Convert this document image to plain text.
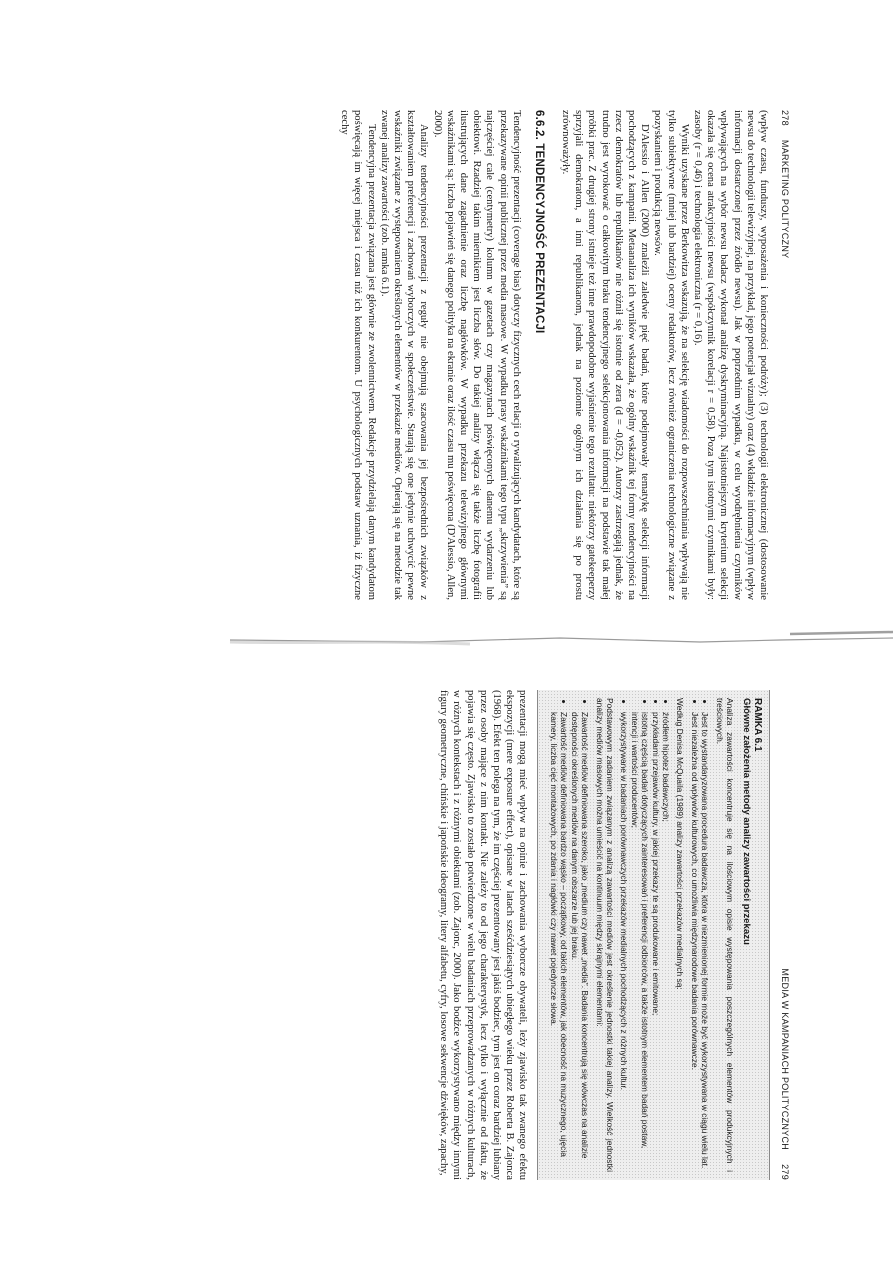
278
MARKETING POLITYCZNY

(wpływ czasu, funduszy, wyposażenia i konieczności podróży); (3) technologii elektronicznej (dostosowanie newsu do technologii telewizyjnej, na przykład, jego potencjał wizualny) oraz (4) wkładzie informacyjnym (wpływ informacji dostarczonej przez źródło newsu). Jak w poprzednim wypadku, w celu wyodrębnienia czynników wpływających na wybór newsu badacz wykonał analizę dyskryminacyjną. Najistotniejszym kryterium selekcji okazała się ocena atrakcyjności newsu (współczynnik korelacji r = 0,58). Poza tym istotnymi czynnikami były: zasoby (r = 0,46) i technologia elektroniczna (r = 0,16).

Wyniki uzyskane przez Berkowitza wskazują, że na selekcję wiadomości do rozpowszechniania wpływają nie tylko subiektywne (mniej lub bardziej) oceny redaktorów, lecz również ograniczenia technologiczne związane z pozyskaniem i produkcją newsów.

D'Alessio i Allen (2000) znaleźli zaledwie pięć badań, które podejmowały tematykę selekcji informacji pochodzących z kampanii. Metaanaliza ich wyników wskazała, że ogólny wskaźnik tej formy tendencyjności na rzecz demokratów lub republikanów nie różnił się istotnie od zera (d = -0,052). Autorzy zastrzegają jednak, że trudno jest wyrokować o całkowitym braku tendencyjnego selekcjonowania informacji na podstawie tak małej próbki prac. Z drugiej strony istnieje też inne prawdopodobne wyjaśnienie tego rezultatu: niektórzy gatekeeperzy sprzyjali demokratom, a inni republikanom, jednak na poziomie ogólnym ich działania się po prostu zrównoważyły.

6.6.2. TENDENCYJNOŚĆ PREZENTACJI

Tendencyjność prezentacji (coverage bias) dotyczy fizycznych cech relacji o rywalizujących kandydatach, które są przekazywane opinii publicznej przez media masowe. W wypadku prasy wskaźnikami tego typu „skrzywienia” są najczęściej cale (centymetry) kolumn w gazetach czy magazynach poświęconych danemu wydarzeniu lub obiektowi. Rzadziej takim miernikiem jest liczba słów. Do takiej analizy włącza się także liczbę fotografii ilustrujących dane zagadnienie oraz liczbę nagłówków. W wypadku przekazu telewizyjnego głównymi wskaźnikami są: liczba pojawień się danego polityka na ekranie oraz ilość czasu mu poświęcona (D'Alessio, Allen, 2000).

Analizy tendencyjności prezentacji z reguły nie obejmują szacowania jej bezpośrednich związków z kształtowaniem preferencji i zachowań wyborczych w społeczeństwie. Starają się one jedynie uchwycić pewne wskaźniki związane z występowaniem określonych elementów w przekazie mediów. Opierają się na metodzie tak zwanej analizy zawartości (zob. ramka 6.1).

Tendencyjna prezentacja związana jest głównie ze zwolennictwem. Redakcje przydzielają danym kandydatom poświęcają im więcej miejsca i czasu niż ich konkurentom. U psychologicznych podstaw uznania, iż fizyczne cechy

MEDIA W KAMPANIACH POLITYCZNYCH
279
RAMKA 6.1
Główne założenia metody analizy zawartości przekazu

Analiza zawartości koncentruje się na ilościowym opisie występowania poszczególnych elementów produkcyjnych i treściowych.

• Jest to wystandaryzowana procedura badawcza, która w niezmienionej formie może być wykorzystywana w ciągu wielu lat.
• Jest niezależna od wpływów kulturowych, co umożliwia międzynarodowe badania porównawcze.

Według Denisa McQuaila (1989) analizy zawartości przekazów medialnych są:

• źródłem hipotez badawczych;
• przykładami przejawów kultury, w jakiej przekazy te są produkowane i emitowane;
• istotną częścią badań dotyczących zainteresowań i preferencji odbiorców, a także istotnym elementem badań postaw, intencji i wartości producentów;
• wykorzystywane w badaniach porównawczych przekazów medialnych pochodzących z różnych kultur.

Podstawowym zadaniem związanym z analizą zawartości mediów jest określenie jednostki takiej analizy. Wielkość jednostki analizy mediów masowych można umieścić na kontinuum między skrajnymi elementami:

• Zawartość mediów definiowana szeroko, jako „medium czy nawet „media”. Badania koncentrują się wówczas na analizie dostępności określonych mediów na danym obszarze lub jej braku.
• Zawartość mediów definiowana bardzo wąsko – początkowy, od takich elementów, jak obecność na muzycznego, ujęcia kamery, liczba cięć montażowych, po zdania i nagłówki czy nawet pojedyncze słowa.

prezentacji mogą mieć wpływ na opinie i zachowania wyborcze obywateli, leży zjawisko tak zwanego efektu ekspozycji (mere exposure effect), opisane w latach sześćdziesiątych ubiegłego wieku przez Roberta B. Zajonca (1968). Efekt ten polega na tym, że im częściej prezentowany jest jakiś bodziec, tym jest on coraz bardziej lubiany przez osoby mające z nim kontakt. Nie zależy to od jego charakterystyk, lecz tylko i wyłącznie od faktu, że pojawia się często. Zjawisko to zostało potwierdzone w wielu badaniach przeprowadzanych w różnych kulturach, w różnych kontekstach i z różnymi obiektami (zob. Zajonc, 2000). Jako bodźce wykorzystywano między innymi figury geometryczne, chińskie i japońskie ideogramy, litery alfabetu, cyfry, losowe sekwencje dźwięków, zapachy,
